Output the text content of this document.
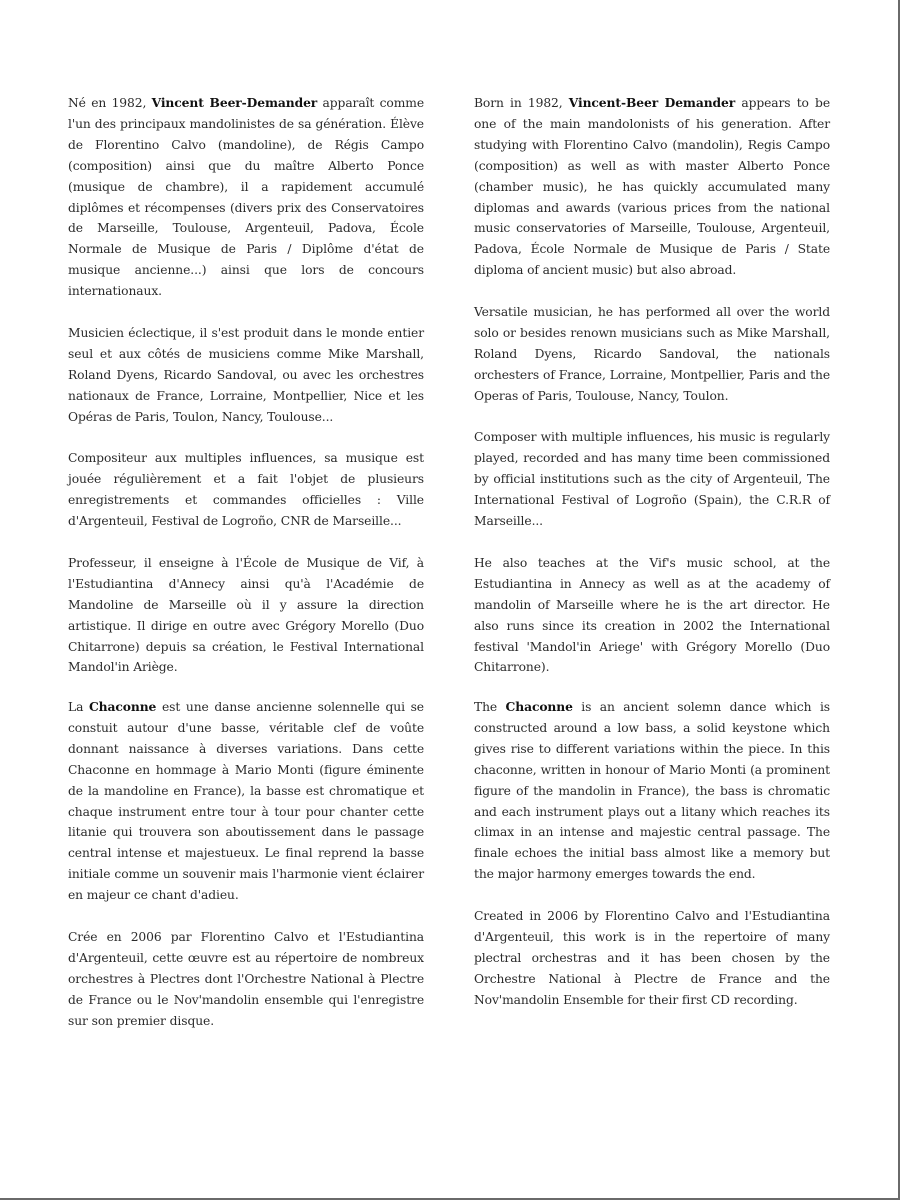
Né en 1982, Vincent Beer-Demander apparaît comme l'un des principaux mandolinistes de sa génération. Élève de Florentino Calvo (mandoline), de Régis Campo (composition) ainsi que du maître Alberto Ponce (musique de chambre), il a rapidement accumulé diplômes et récompenses (divers prix des Conservatoires de Marseille, Toulouse, Argenteuil, Padova, École Normale de Musique de Paris / Diplôme d'état de musique ancienne...) ainsi que lors de concours internationaux.

Musicien éclectique, il s'est produit dans le monde entier seul et aux côtés de musiciens comme Mike Marshall, Roland Dyens, Ricardo Sandoval, ou avec les orchestres nationaux de France, Lorraine, Montpellier, Nice et les Opéras de Paris, Toulon, Nancy, Toulouse...

Compositeur aux multiples influences, sa musique est jouée régulièrement et a fait l'objet de plusieurs enregistrements et commandes officielles : Ville d'Argenteuil, Festival de Logroño, CNR de Marseille...

Professeur, il enseigne à l'École de Musique de Vif, à l'Estudiantina d'Annecy ainsi qu'à l'Académie de Mandoline de Marseille où il y assure la direction artistique. Il dirige en outre avec Grégory Morello (Duo Chitarrone) depuis sa création, le Festival International Mandol'in Ariège.

Born in 1982, Vincent-Beer Demander appears to be one of the main mandolonists of his generation. After studying with Florentino Calvo (mandolin), Regis Campo (composition) as well as with master Alberto Ponce (chamber music), he has quickly accumulated many diplomas and awards (various prices from the national music conservatories of Marseille, Toulouse, Argenteuil, Padova, École Normale de Musique de Paris / State diploma of ancient music) but also abroad.

Versatile musician, he has performed all over the world solo or besides renown musicians such as Mike Marshall, Roland Dyens, Ricardo Sandoval, the nationals orchesters of France, Lorraine, Montpellier, Paris and the Operas of Paris, Toulouse, Nancy, Toulon.

Composer with multiple influences, his music is regularly played, recorded and has many time been commissioned by official institutions such as the city of Argenteuil, The International Festival of Logroño (Spain), the C.R.R of Marseille...

He also teaches at the Vif's music school, at the Estudiantina in Annecy as well as at the academy of mandolin of Marseille where he is the art director. He also runs since its creation in 2002 the International festival 'Mandol'in Ariege' with Grégory Morello (Duo Chitarrone).

La Chaconne est une danse ancienne solennelle qui se constuit autour d'une basse, véritable clef de voûte donnant naissance à diverses variations. Dans cette Chaconne en hommage à Mario Monti (figure éminente de la mandoline en France), la basse est chromatique et chaque instrument entre tour à tour pour chanter cette litanie qui trouvera son aboutissement dans le passage central intense et majestueux. Le final reprend la basse initiale comme un souvenir mais l'harmonie vient éclairer en majeur ce chant d'adieu.

Crée en 2006 par Florentino Calvo et l'Estudiantina d'Argenteuil, cette œuvre est au répertoire de nombreux orchestres à Plectres dont l'Orchestre National à Plectre de France ou le Nov'mandolin ensemble qui l'enregistre sur son premier disque.

The Chaconne is an ancient solemn dance which is constructed around a low bass, a solid keystone which gives rise to different variations within the piece. In this chaconne, written in honour of Mario Monti (a prominent figure of the mandolin in France), the bass is chromatic and each instrument plays out a litany which reaches its climax in an intense and majestic central passage. The finale echoes the initial bass almost like a memory but the major harmony emerges towards the end.

Created in 2006 by Florentino Calvo and l'Estudiantina d'Argenteuil, this work is in the repertoire of many plectral orchestras and it has been chosen by the Orchestre National à Plectre de France and the Nov'mandolin Ensemble for their first CD recording.
